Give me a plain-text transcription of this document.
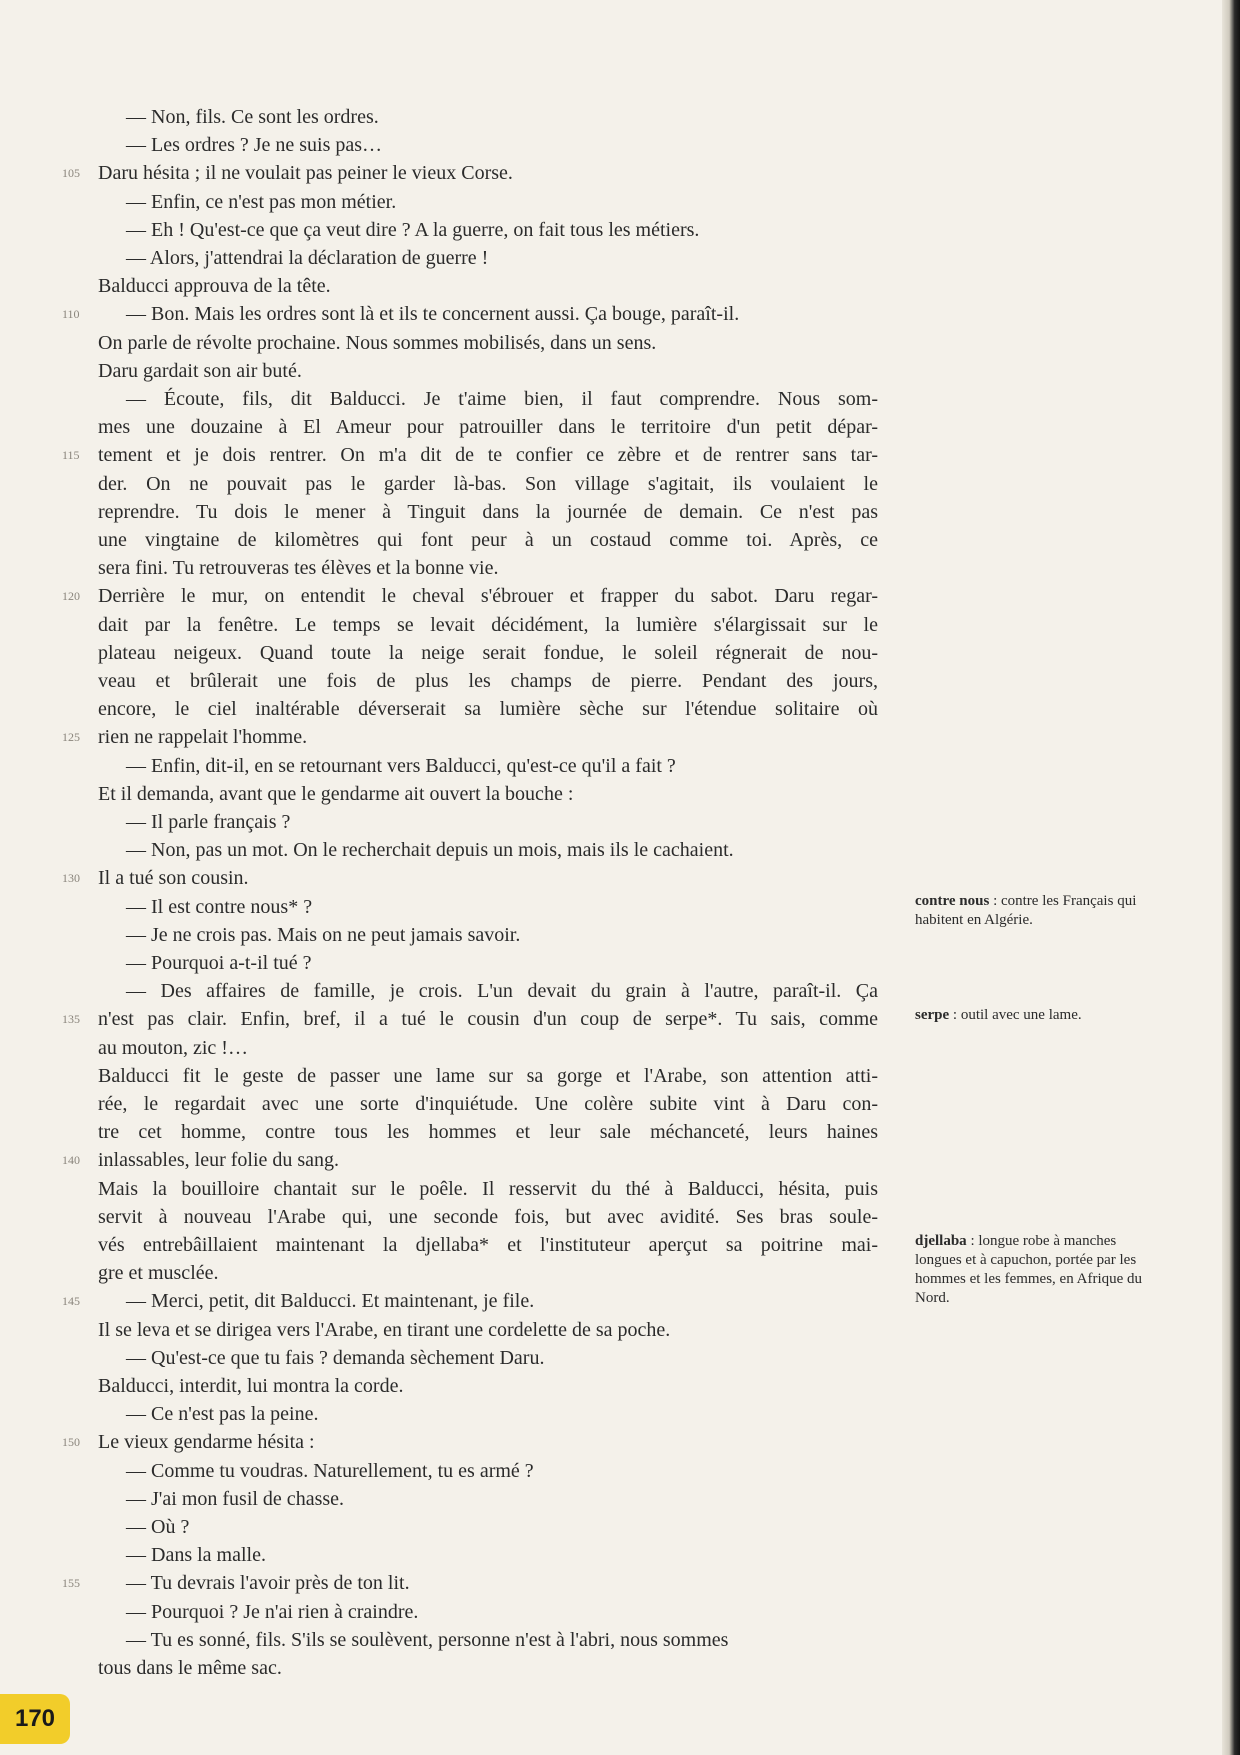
— Non, fils. Ce sont les ordres.
— Les ordres ? Je ne suis pas…
Daru hésita ; il ne voulait pas peiner le vieux Corse.
105
— Enfin, ce n'est pas mon métier.
— Eh ! Qu'est-ce que ça veut dire ? A la guerre, on fait tous les métiers.
— Alors, j'attendrai la déclaration de guerre !
Balducci approuva de la tête.
— Bon. Mais les ordres sont là et ils te concernent aussi. Ça bouge, paraît-il.
110
On parle de révolte prochaine. Nous sommes mobilisés, dans un sens.
Daru gardait son air buté.
— Écoute, fils, dit Balducci. Je t'aime bien, il faut comprendre. Nous som-
mes une douzaine à El Ameur pour patrouiller dans le territoire d'un petit dépar-
tement et je dois rentrer. On m'a dit de te confier ce zèbre et de rentrer sans tar-
115
der. On ne pouvait pas le garder là-bas. Son village s'agitait, ils voulaient le
reprendre. Tu dois le mener à Tinguit dans la journée de demain. Ce n'est pas
une vingtaine de kilomètres qui font peur à un costaud comme toi. Après, ce
sera fini. Tu retrouveras tes élèves et la bonne vie.
Derrière le mur, on entendit le cheval s'ébrouer et frapper du sabot. Daru regar-
120
dait par la fenêtre. Le temps se levait décidément, la lumière s'élargissait sur le
plateau neigeux. Quand toute la neige serait fondue, le soleil régnerait de nou-
veau et brûlerait une fois de plus les champs de pierre. Pendant des jours,
encore, le ciel inaltérable déverserait sa lumière sèche sur l'étendue solitaire où
rien ne rappelait l'homme.
125
— Enfin, dit-il, en se retournant vers Balducci, qu'est-ce qu'il a fait ?
Et il demanda, avant que le gendarme ait ouvert la bouche :
— Il parle français ?
— Non, pas un mot. On le recherchait depuis un mois, mais ils le cachaient.
Il a tué son cousin.
130
— Il est contre nous* ?
— Je ne crois pas. Mais on ne peut jamais savoir.
— Pourquoi a-t-il tué ?
— Des affaires de famille, je crois. L'un devait du grain à l'autre, paraît-il. Ça
n'est pas clair. Enfin, bref, il a tué le cousin d'un coup de serpe*. Tu sais, comme
135
au mouton, zic !…
Balducci fit le geste de passer une lame sur sa gorge et l'Arabe, son attention atti-
rée, le regardait avec une sorte d'inquiétude. Une colère subite vint à Daru con-
tre cet homme, contre tous les hommes et leur sale méchanceté, leurs haines
inlassables, leur folie du sang.
140
Mais la bouilloire chantait sur le poêle. Il resservit du thé à Balducci, hésita, puis
servit à nouveau l'Arabe qui, une seconde fois, but avec avidité. Ses bras soule-
vés entrebâillaient maintenant la djellaba* et l'instituteur aperçut sa poitrine mai-
gre et musclée.
— Merci, petit, dit Balducci. Et maintenant, je file.
145
Il se leva et se dirigea vers l'Arabe, en tirant une cordelette de sa poche.
— Qu'est-ce que tu fais ? demanda sèchement Daru.
Balducci, interdit, lui montra la corde.
— Ce n'est pas la peine.
Le vieux gendarme hésita :
150
— Comme tu voudras. Naturellement, tu es armé ?
— J'ai mon fusil de chasse.
— Où ?
— Dans la malle.
— Tu devrais l'avoir près de ton lit.
155
— Pourquoi ? Je n'ai rien à craindre.
— Tu es sonné, fils. S'ils se soulèvent, personne n'est à l'abri, nous sommes
tous dans le même sac.
contre nous : contre les Français qui habitent en Algérie.
serpe : outil avec une lame.
djellaba : longue robe à manches longues et à capuchon, portée par les hommes et les femmes, en Afrique du Nord.
170
